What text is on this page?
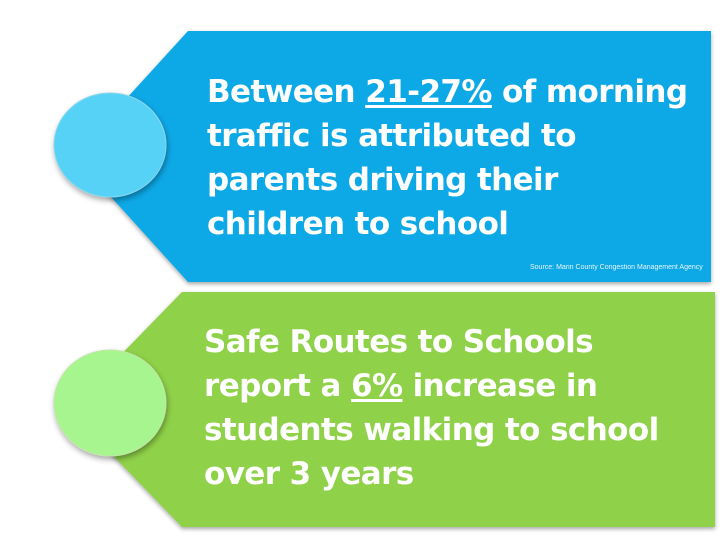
Between 21-27% of morning
traffic is attributed to
parents driving their
children to school

Source: Marin County Congestion Management Agency

Safe Routes to Schools
report a 6% increase in
students walking to school
over 3 years
